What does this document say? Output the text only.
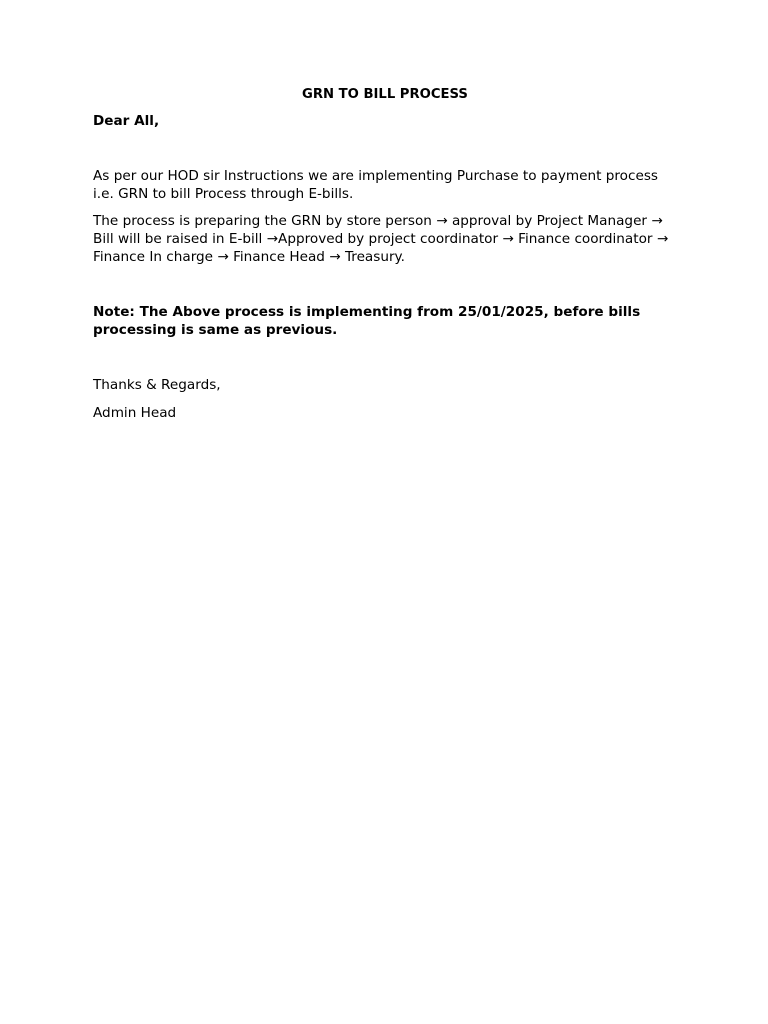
GRN TO BILL PROCESS

Dear All,

As per our HOD sir Instructions we are implementing Purchase to payment process i.e. GRN to bill Process through E-bills.

The process is preparing the GRN by store person → approval by Project Manager → Bill will be raised in E-bill →Approved by project coordinator → Finance coordinator → Finance In charge → Finance Head → Treasury.

Note: The Above process is implementing from 25/01/2025, before bills processing is same as previous.

Thanks & Regards,

Admin Head
